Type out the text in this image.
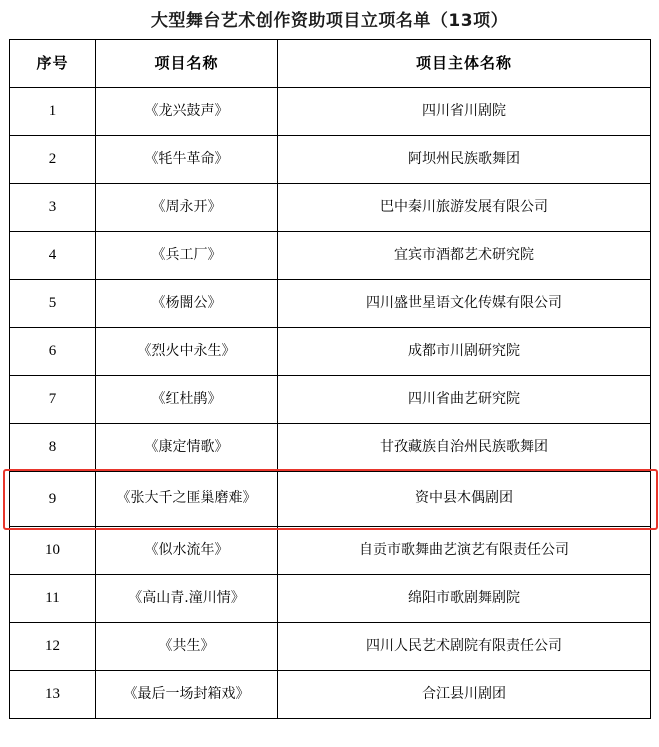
大型舞台艺术创作资助项目立项名单（13项）
序号	项目名称	项目主体名称
1	《龙兴鼓声》	四川省川剧院
2	《牦牛革命》	阿坝州民族歌舞团
3	《周永开》	巴中秦川旅游发展有限公司
4	《兵工厂》	宜宾市酒都艺术研究院
5	《杨闇公》	四川盛世星语文化传媒有限公司
6	《烈火中永生》	成都市川剧研究院
7	《红杜鹃》	四川省曲艺研究院
8	《康定情歌》	甘孜藏族自治州民族歌舞团
9	《张大千之匪巢磨难》	资中县木偶剧团
10	《似水流年》	自贡市歌舞曲艺演艺有限责任公司
11	《高山青.潼川情》	绵阳市歌剧舞剧院
12	《共生》	四川人民艺术剧院有限责任公司
13	《最后一场封箱戏》	合江县川剧团
